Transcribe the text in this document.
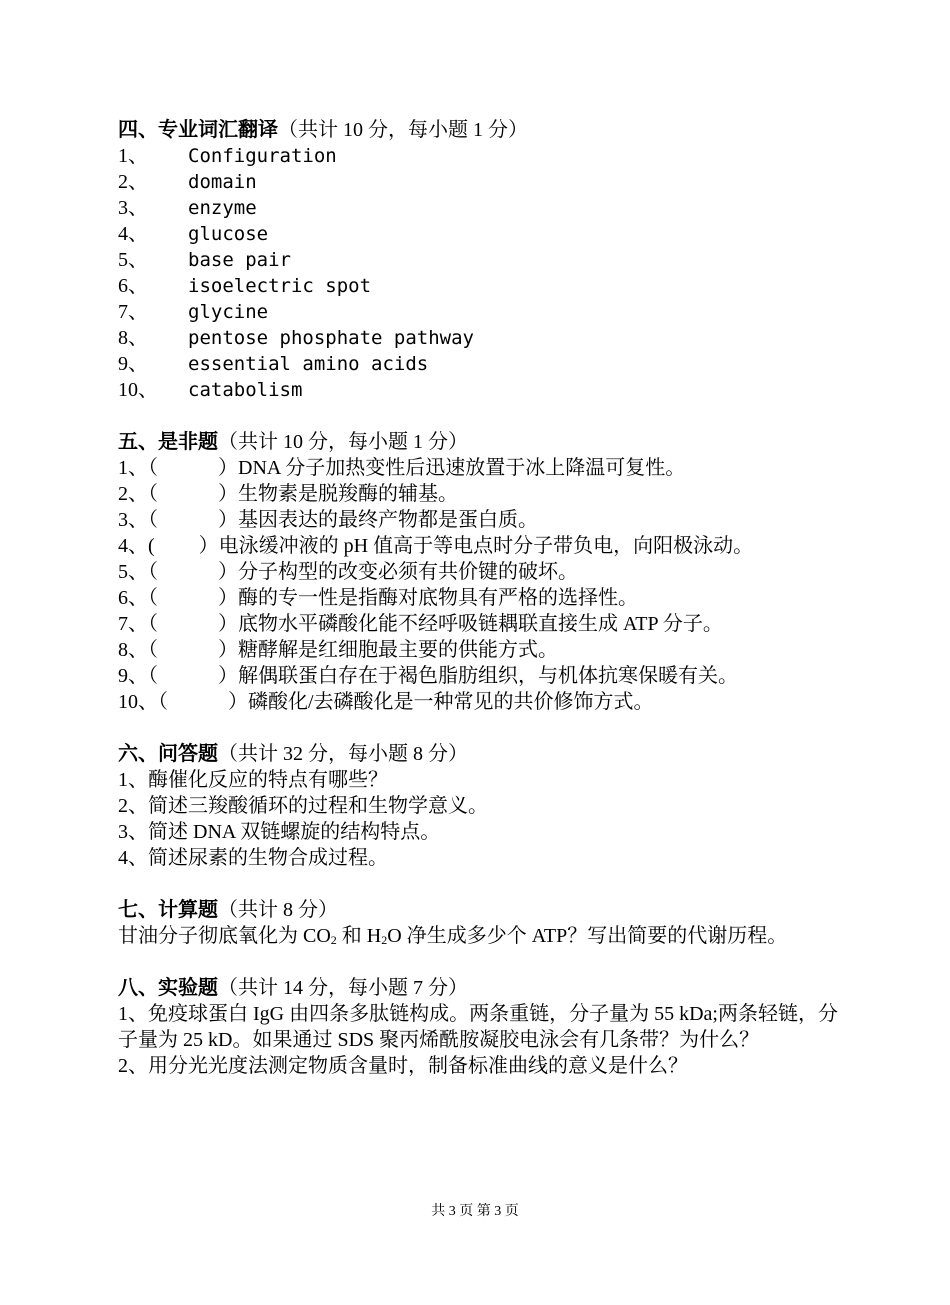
四、专业词汇翻译（共计 10 分，每小题 1 分）
1、 Configuration
2、 domain
3、 enzyme
4、 glucose
5、 base pair
6、 isoelectric spot
7、 glycine
8、 pentose phosphate pathway
9、 essential amino acids
10、 catabolism
五、是非题（共计 10 分，每小题 1 分）
1、（	）DNA 分子加热变性后迅速放置于冰上降温可复性。
2、（	）生物素是脱羧酶的辅基。
3、（	）基因表达的最终产物都是蛋白质。
4、( ）电泳缓冲液的 pH 值高于等电点时分子带负电，向阳极泳动。
5、（	）分子构型的改变必须有共价键的破坏。
6、（	）酶的专一性是指酶对底物具有严格的选择性。
7、（	）底物水平磷酸化能不经呼吸链耦联直接生成 ATP 分子。
8、（	）糖酵解是红细胞最主要的供能方式。
9、（	）解偶联蛋白存在于褐色脂肪组织，与机体抗寒保暖有关。
10、（	）磷酸化/去磷酸化是一种常见的共价修饰方式。
六、问答题（共计 32 分，每小题 8 分）
1、酶催化反应的特点有哪些？
2、简述三羧酸循环的过程和生物学意义。
3、简述 DNA 双链螺旋的结构特点。
4、简述尿素的生物合成过程。
七、计算题（共计 8 分）
甘油分子彻底氧化为 $CO_2$ 和 $H_2O$ 净生成多少个 ATP？写出简要的代谢历程。
八、实验题（共计 14 分，每小题 7 分）
1、免疫球蛋白 IgG 由四条多肽链构成。两条重链，分子量为 55 kDa;两条轻链，分子量为 25 kD。如果通过 SDS 聚丙烯酰胺凝胶电泳会有几条带？为什么？
2、用分光光度法测定物质含量时，制备标准曲线的意义是什么？
共 3 页 第 3 页
